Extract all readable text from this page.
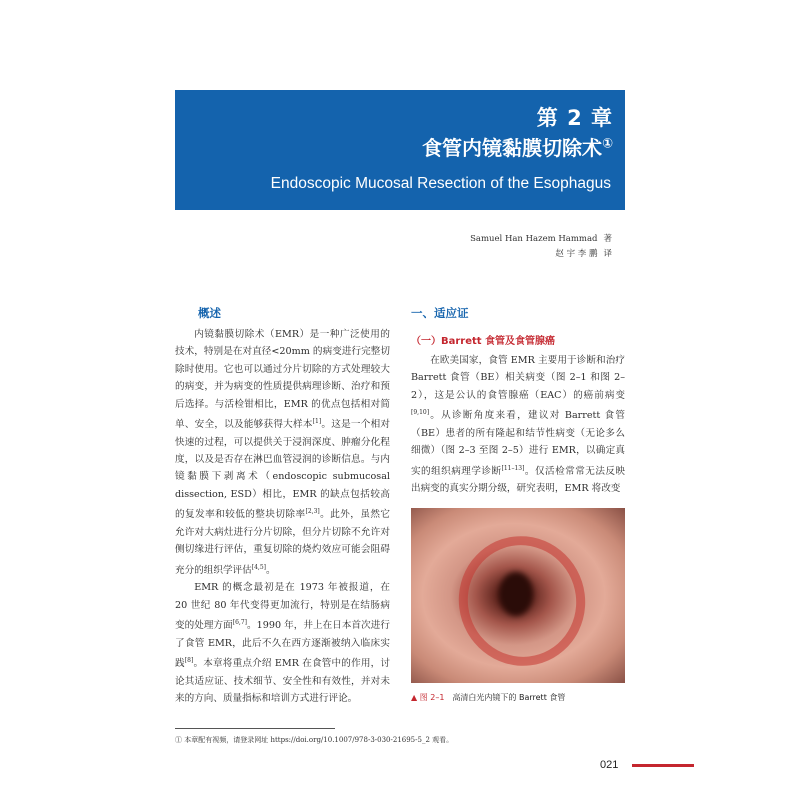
第 2 章
食管内镜黏膜切除术①
Endoscopic Mucosal Resection of the Esophagus
Samuel Han Hazem Hammad 著
赵 宇 李 鹏 译
概述

内镜黏膜切除术（EMR）是一种广泛使用的技术，特别是在对直径<20mm 的病变进行完整切除时使用。它也可以通过分片切除的方式处理较大的病变，并为病变的性质提供病理诊断、治疗和预后选择。与活检钳相比，EMR 的优点包括相对简单、安全，以及能够获得大样本[1]。这是一个相对快速的过程，可以提供关于浸润深度、肿瘤分化程度，以及是否存在淋巴血管浸润的诊断信息。与内镜黏膜下剥离术（endoscopic submucosal dissection, ESD）相比，EMR 的缺点包括较高的复发率和较低的整块切除率[2,3]。此外，虽然它允许对大病灶进行分片切除，但分片切除不允许对侧切缘进行评估，重复切除的烧灼效应可能会阻碍充分的组织学评估[4,5]。

EMR 的概念最初是在 1973 年被报道，在 20 世纪 80 年代变得更加流行，特别是在结肠病变的处理方面[6,7]。1990 年，井上在日本首次进行了食管 EMR，此后不久在西方逐渐被纳入临床实践[8]。本章将重点介绍 EMR 在食管中的作用，讨论其适应证、技术细节、安全性和有效性，并对未来的方向、质量指标和培训方式进行评论。

一、适应证
（一）Barrett 食管及食管腺癌

在欧美国家，食管 EMR 主要用于诊断和治疗 Barrett 食管（BE）相关病变（图 2–1 和图 2–2），这是公认的食管腺癌（EAC）的癌前病变[9,10]。从诊断角度来看，建议对 Barrett 食管（BE）患者的所有隆起和结节性病变（无论多么细微）（图 2–3 至图 2–5）进行 EMR，以确定真实的组织病理学诊断[11–13]。仅活检常常无法反映出病变的真实分期分级，研究表明，EMR 将改变

▲ 图 2–1 高清白光内镜下的 Barrett 食管
① 本章配有视频，请登录网址 https://doi.org/10.1007/978-3-030-21695-5_2 观看。
021
